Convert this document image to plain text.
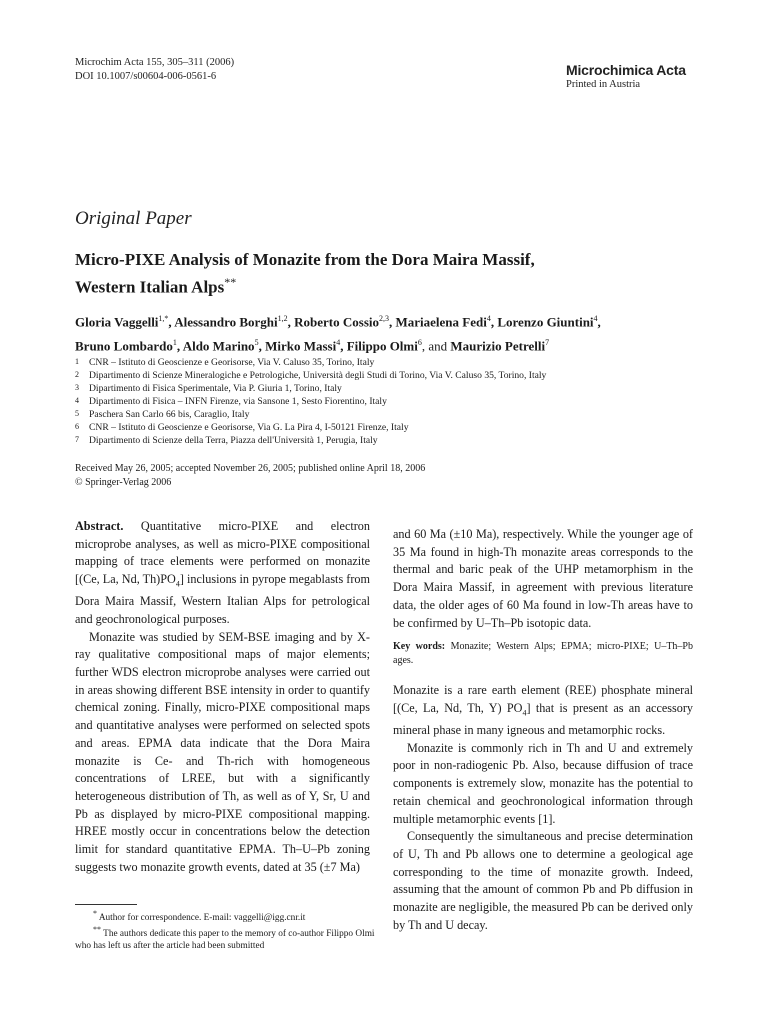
Microchim Acta 155, 305–311 (2006)
DOI 10.1007/s00604-006-0561-6	Microchimica Acta
Printed in Austria
Original Paper
Micro-PIXE Analysis of Monazite from the Dora Maira Massif,
Western Italian Alps**
Gloria Vaggelli$^{1,*}$, Alessandro Borghi$^{1,2}$, Roberto Cossio$^{2,3}$, Mariaelena Fedi$^4$, Lorenzo Giuntini$^4$,
Bruno Lombardo$^1$, Aldo Marino$^5$, Mirko Massi$^4$, Filippo Olmi$^6$, and Maurizio Petrelli$^7$
1	CNR – Istituto di Geoscienze e Georisorse, Via V. Caluso 35, Torino, Italy
2	Dipartimento di Scienze Mineralogiche e Petrologiche, Università degli Studi di Torino, Via V. Caluso 35, Torino, Italy
3	Dipartimento di Fisica Sperimentale, Via P. Giuria 1, Torino, Italy
4	Dipartimento di Fisica – INFN Firenze, via Sansone 1, Sesto Fiorentino, Italy
5	Paschera San Carlo 66 bis, Caraglio, Italy
6	CNR – Istituto di Geoscienze e Georisorse, Via G. La Pira 4, I-50121 Firenze, Italy
7	Dipartimento di Scienze della Terra, Piazza dell'Università 1, Perugia, Italy
Received May 26, 2005; accepted November 26, 2005; published online April 18, 2006
© Springer-Verlag 2006

Abstract. Quantitative micro-PIXE and electron microprobe analyses, as well as micro-PIXE compositional mapping of trace elements were performed on monazite [(Ce, La, Nd, $Th)PO_4$] inclusions in pyrope megablasts from Dora Maira Massif, Western Italian Alps for petrological and geochronological purposes.

Monazite was studied by SEM-BSE imaging and by X-ray qualitative compositional maps of major elements; further WDS electron microprobe analyses were carried out in areas showing different BSE intensity in order to quantify chemical zoning. Finally, micro-PIXE compositional maps and quantitative analyses were performed on selected spots and areas. EPMA data indicate that the Dora Maira monazite is Ce- and Th-rich with homogeneous concentrations of LREE, but with a significantly heterogeneous distribution of Th, as well as of Y, Sr, U and Pb as displayed by micro-PIXE compositional mapping. HREE mostly occur in concentrations below the detection limit for standard quantitative EPMA. Th–U–Pb zoning suggests two monazite growth events, dated at 35 (±7 Ma)

and 60 Ma (±10 Ma), respectively. While the younger age of 35 Ma found in high-Th monazite areas corresponds to the thermal and baric peak of the UHP metamorphism in the Dora Maira Massif, in agreement with previous literature data, the older ages of 60 Ma found in low-Th areas have to be confirmed by U–Th–Pb isotopic data.

Key words: Monazite; Western Alps; EPMA; micro-PIXE; U–Th–Pb ages.

Monazite is a rare earth element (REE) phosphate mineral [(Ce, La, Nd, Th, Y) $PO_4$] that is present as an accessory mineral phase in many igneous and metamorphic rocks.

Monazite is commonly rich in Th and U and extremely poor in non-radiogenic Pb. Also, because diffusion of trace components is extremely slow, monazite has the potential to retain chemical and geochronological information through multiple metamorphic events [1].

Consequently the simultaneous and precise determination of U, Th and Pb allows one to determine a geological age corresponding to the time of monazite growth. Indeed, assuming that the amount of common Pb and Pb diffusion in monazite are negligible, the measured Pb can be derived only by Th and U decay.

* Author for correspondence. E-mail: vaggelli@igg.cnr.it

** The authors dedicate this paper to the memory of co-author Filippo Olmi who has left us after the article had been submitted
